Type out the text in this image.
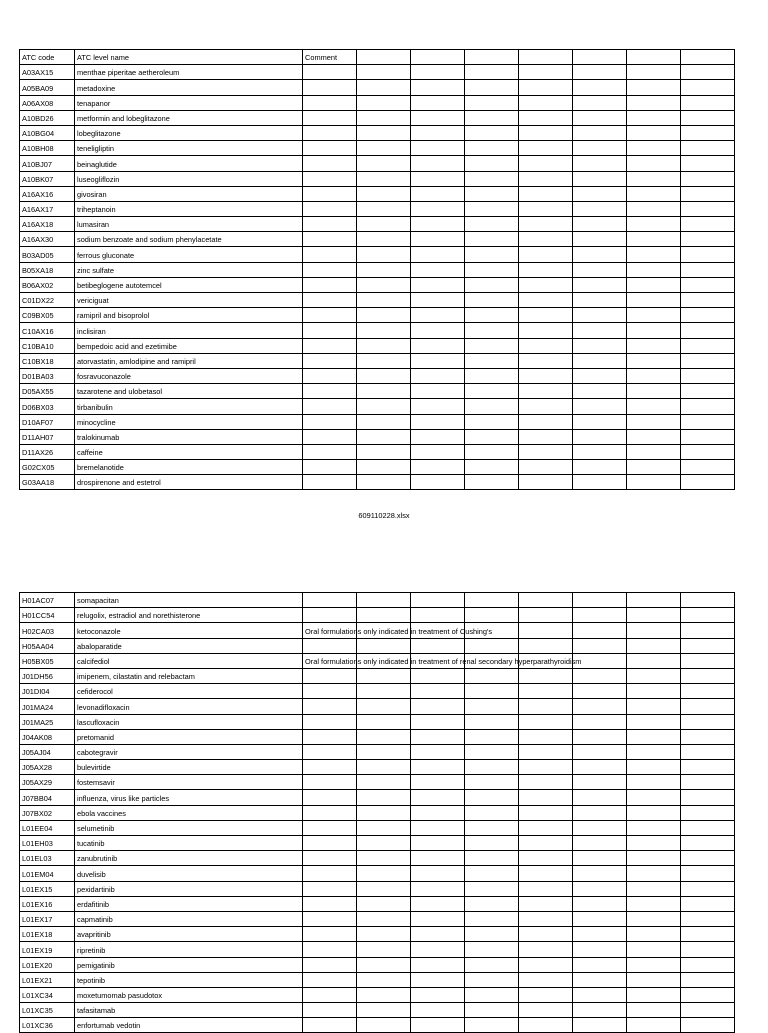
ATC code	ATC level name	Comment							
A03AX15	menthae piperitae aetheroleum								
A05BA09	metadoxine								
A06AX08	tenapanor								
A10BD26	metformin and lobeglitazone								
A10BG04	lobeglitazone								
A10BH08	teneligliptin								
A10BJ07	beinaglutide								
A10BK07	luseogliflozin								
A16AX16	givosiran								
A16AX17	triheptanoin								
A16AX18	lumasiran								
A16AX30	sodium benzoate and sodium phenylacetate								
B03AD05	ferrous gluconate								
B05XA18	zinc sulfate								
B06AX02	betibeglogene autotemcel								
C01DX22	vericiguat								
C09BX05	ramipril and bisoprolol								
C10AX16	inclisiran								
C10BA10	bempedoic acid and ezetimibe								
C10BX18	atorvastatin, amlodipine and ramipril								
D01BA03	fosravuconazole								
D05AX55	tazarotene and ulobetasol								
D06BX03	tirbanibulin								
D10AF07	minocycline								
D11AH07	tralokinumab								
D11AX26	caffeine								
G02CX05	bremelanotide								
G03AA18	drospirenone and estetrol								
609110228.xlsx
H01AC07	somapacitan	

H01CC54	relugolix, estradiol and norethisterone	

H02CA03	ketoconazole	Oral formulations only indicated in treatment of Cushing's							

H05AA04	abaloparatide	

H05BX05	calcifediol	Oral formulations only indicated in treatment of renal secondary hyperparathyroidism							

J01DH56	imipenem, cilastatin and relebactam	

J01DI04	cefiderocol	

J01MA24	levonadifloxacin	

J01MA25	lascufloxacin	

J04AK08	pretomanid	

J05AJ04	cabotegravir	

J05AX28	bulevirtide	

J05AX29	fostemsavir	

J07BB04	influenza, virus like particles	

J07BX02	ebola vaccines	

L01EE04	selumetinib	

L01EH03	tucatinib	

L01EL03	zanubrutinib	

L01EM04	duvelisib	

L01EX15	pexidartinib	

L01EX16	erdafitinib	

L01EX17	capmatinib	

L01EX18	avapritinib	

L01EX19	ripretinib	

L01EX20	pemigatinib	

L01EX21	tepotinib	

L01XC34	moxetumomab pasudotox	

L01XC35	tafasitamab	

L01XC36	enfortumab vedotin	
